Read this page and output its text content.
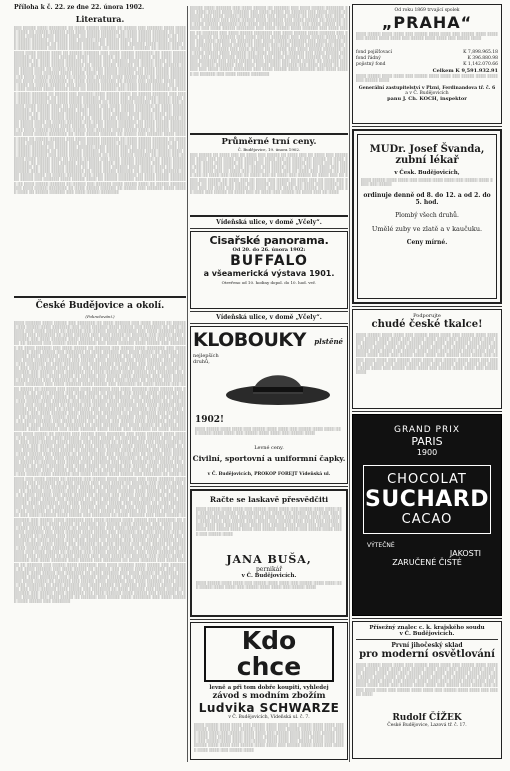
Příloha k č. 22. ze dne 22. února 1902.
Literatura.
░░░ ░░░░░ ░░░░ ░░░░░░░ ░░ ░░░░ ░░░░░ ░░░░░░ ░░ ░░░░░ ░░░ ░░░░░░ ░░░░ ░░░░░ ░░░░ ░░ ░░░░░ ░░░░░░ ░░░ ░░░░ ░░░░░ ░░░░░░░ ░░ ░░░░ ░░░░░ ░░░░░░ ░░ ░░░░░ ░░░ ░░░░░░ ░░░░ ░░░░░ ░░░░ ░░ ░░░░░ ░░░░░░ ░░░ ░░░░ ░░░░░ ░░░░░░░ ░░ ░░░░ ░░░░░ ░░░░░░ ░░ ░░░░░ ░░░ ░░░░░░ ░░░░ ░░░░░ ░░░░ ░░ ░░░░░ ░░░░░░ ░░░ ░░░░ ░░░░░ ░░░░░░░ ░░ ░░░░ ░░░░░ ░░░░░░ ░░ ░░░░░ ░░░ ░░░░░░ ░░░░ ░░░░░ ░░░░ ░░ ░░░░░ ░░░░░░ ░░░ ░░░░ ░░░░░ ░░░░░░░ ░░ ░░░░ ░░░░░ ░░░░░░ ░░ ░░░░░ ░░░ ░░░░░░ ░░░░ ░░░░░ ░░░░ ░░ ░░░░░ ░░░░░░ ░░░ ░░░░ ░░░░░ ░░░░░░░ ░░ ░░░░ ░░░░░ ░░░░░░ ░░ ░░░░░ ░░░ ░░░░░░ ░░░░ ░░░░░ ░░░░ ░░ ░░░░░ ░░░░░░ ░░░ ░░░░ ░░░░░ ░░░░░░░ ░░ ░░░░ ░░░░░ ░░░░░░ ░░ ░░░░░ ░░░ ░░░░░░ ░░░░ ░░░░░ ░░░░ ░░ ░░░░░ ░░░░░░ ░░░ ░░░░ ░░░░░ ░░░░░░░ ░░ ░░░░ ░░░░░ ░░░░░░ ░░ ░░░░░ ░░░ ░░░░░░ ░░░░ ░░░░░ ░░░░ ░░ ░░░░░ ░░░░░░ ░░░ ░░░░ ░░░░░ ░░░░░░░ ░░ ░░░░ ░░░░░ ░░░░░░ ░░ ░░░░░ ░░░ ░░░░░░ ░░░░ ░░░░░ ░░░░ ░░ ░░░░░ ░░░░░░ ░░░ ░░░░ ░░░░░ ░░░░░░░ ░░ ░░░░ ░░░░░ ░░░░░░ ░░ ░░░░░ ░░░ ░░░░░░ ░░░░ ░░░░░ ░░░░ ░░ ░░░░░ ░░░░░░ ░░░ ░░░░ ░░░░░ ░░░░░░░ ░░ ░░░░ ░░░░░ ░░░░░░ ░░ ░░░░░ ░░░ ░░░░░░ ░░░░ ░░░░░ ░░░░ ░░ ░░░░░ ░░░░░░ ░░░ ░░░░ ░░░░░ ░░░░░░░ ░░ ░░░░ ░░░░░ ░░░░░░ ░░ ░░░░░ ░░░ ░░░░░░ ░░░░ ░░░░░ ░░░░ ░░ ░░░░░ ░░░░░░ ░░░ ░░░░ ░░░░░ ░░░░░░░ ░░ ░░░░ ░░░░░ ░░░░░░ ░░ ░░░░░ ░░░ ░░░░░░ ░░░░ ░░░░░ ░░░░ ░░ ░░░░░ ░░░░░░ ░░░ ░░░░ ░░░░░ ░░░░░░░ ░░ ░░░░ ░░░░░ ░░░░░░ ░░ ░░░░░ ░░░ ░░░░░░ ░░░░ ░░░░░ ░░░░ ░░ ░░░░░ ░░░░░░ ░░░ ░░░░ ░░░░░ ░░░░░░░ ░░ ░░░░ ░░░░░ ░░░░░░ ░░ ░░░░░ ░░░ ░░░░░░ ░░░░ ░░░░░ ░░░░ ░░ ░░░░░ ░░░░░░ ░░░ ░░░░ ░░░░░ ░░░░░░░ ░░ ░░░░ ░░░░░ ░░░░░░ ░░ ░░░░░ ░░░ ░░░░░░ ░░░░ ░░░░░ ░░░░ ░░ ░░░░░ ░░░░░░ ░░░ ░░░░ ░░░░░ ░░░░░░░ ░░ ░░░░ ░░░░░ ░░░░░░ ░░ ░░░░░ ░░░ ░░░░░░ ░░░░ ░░░░░ ░░░░ ░░ ░░░░░ ░░░░░░ ░░░ ░░░░ ░░░░░ ░░░░░░░ ░░ ░░░░ ░░░░░ ░░░░░░ ░░ ░░░░░ ░░░ ░░░░░░ ░░░░ ░░░░░ ░░░░ ░░ ░░░░░ ░░░░░░ ░░░ ░░░░ ░░░░░ ░░░░░░░ ░░ ░░░░ ░░░░░ ░░░░░░ ░░ ░░░░░ ░░░ ░░░░░░ ░░░░ ░░░░░ ░░░░ ░░ ░░░░░ ░░░░░░ ░░░ ░░░░ ░░░░░ ░░░░░░░ ░░ ░░░░ ░░░░░ ░░░░░░ ░░ ░░░░░ ░░░ ░░░░░░ ░░░░ ░░░░░ ░░░░ ░░ ░░░░░ ░░░░░░ ░░░ ░░░░ ░░░░░ ░░░░░░░ ░░ ░░░░ ░░░░░ ░░░░░░ ░░ ░░░░░ ░░░ ░░░░░░ ░░░░ ░░░░░ ░░░░ ░░ ░░░░░ ░░░░░░ ░░░ ░░░░ ░░░░░ ░░░░░░░ ░░ ░░░░ ░░░░░ ░░░░░░ ░░ ░░░░░ ░░░ ░░░░░░ ░░░░ ░░░░░ ░░░░ ░░ ░░░░░ ░░░░░░ ░░░ ░░░░ ░░░░░ ░░░░░░░ ░░ ░░░░ ░░░░░ ░░░░░░ ░░ ░░░░░ ░░░ ░░░░░░ ░░░░ ░░░░░ ░░░░ ░░ ░░░░░ ░░░░░░ ░░░ ░░░░ ░░░░░ ░░░░░░░ ░░ ░░░░ ░░░░░ ░░░░░░ ░░ ░░░░░ ░░░ ░░░░░░ ░░░░ ░░░░░ ░░░░ ░░ ░░░░░ ░░░░░░ ░░░ ░░░░ ░░░░░ ░░░░░░░ ░░ ░░░░ ░░░░░ ░░░░░░ ░░ ░░░░░ ░░░ ░░░░░░ ░░░░ ░░░░░ ░░░░ ░░ ░░░░░ ░░░░░░ ░░░ ░░░░ ░░░░░ ░░░░░░░ ░░ ░░░░ ░░░░░ ░░░░░░ ░░ ░░░░░ ░░░ ░░░░░░ ░░░░ ░░░░░ ░░░░ ░░ ░░░░░ ░░░░░░ ░░░ ░░░░ ░░░░░ ░░░░░░░ ░░ ░░░░ ░░░░░ ░░░░░░ ░░ ░░░░░ ░░░ ░░░░░░ ░░░░ ░░░░░ ░░░░ ░░ ░░░░░ ░░░░░░ ░░░ ░░░░ ░░░░░ ░░░░░░░ ░░ ░░░░ ░░░░░ ░░░░░░ ░░ ░░░░░ ░░░ ░░░░░░ ░░░░ ░░░░░ ░░░░ ░░ ░░░░░ ░░░░░░ ░░░ ░░░░ ░░░░░ ░░░░░░░ ░░ ░░░░ ░░░░░ ░░░░░░ ░░ ░░░░░ ░░░ ░░░░░░ ░░░░ ░░░░░ ░░░░ ░░ ░░░░░ ░░░░░░ ░░░ ░░░░ ░░░░░ ░░░░░░░ ░░ ░░░░ ░░░░░ ░░░░░░ ░░ ░░░░░ ░░░ ░░░░░░ ░░░░ ░░░░░ ░░░░ ░░ ░░░░░ ░░░░░░ ░░░ ░░░░ ░░░░░ ░░░░░░░ ░░ ░░░░ ░░░░░ ░░░░░░ ░░ ░░░░░ ░░░ ░░░░░░ ░░░░ ░░░░░ ░░░░ ░░ ░░░░░ ░░░░░░ ░░░ ░░░░ ░░░░░ ░░░░░░░
České Budějovice a okolí.
(Pokračování.)
░░░░ ░░░░░░ ░░░░ ░░░░░ ░░░ ░░░░░░░ ░░ ░░░░ ░░░░░░ ░░░ ░░░░ ░░░░░ ░░ ░░░░░░ ░░░ ░░░░░ ░░░░ ░░░░░░░ ░░░ ░░░░ ░░░░░░ ░░░░ ░░░░░ ░░░ ░░░░░░░ ░░ ░░░░ ░░░░░░ ░░░ ░░░░ ░░░░░ ░░ ░░░░░░ ░░░ ░░░░░ ░░░░ ░░░░░░░ ░░░ ░░░░ ░░░░░░ ░░░░ ░░░░░ ░░░ ░░░░░░░ ░░ ░░░░ ░░░░░░ ░░░ ░░░░ ░░░░░ ░░ ░░░░░░ ░░░ ░░░░░ ░░░░ ░░░░░░░ ░░░ ░░░░ ░░░░░░ ░░░░ ░░░░░ ░░░ ░░░░░░░ ░░ ░░░░ ░░░░░░ ░░░ ░░░░ ░░░░░ ░░ ░░░░░░ ░░░ ░░░░░ ░░░░ ░░░░░░░ ░░░ ░░░░ ░░░░░░ ░░░░ ░░░░░ ░░░ ░░░░░░░ ░░ ░░░░ ░░░░░░ ░░░ ░░░░ ░░░░░ ░░ ░░░░░░ ░░░ ░░░░░ ░░░░ ░░░░░░░ ░░░ ░░░░ ░░░░░░ ░░░░ ░░░░░ ░░░ ░░░░░░░ ░░ ░░░░ ░░░░░░ ░░░ ░░░░ ░░░░░ ░░ ░░░░░░ ░░░ ░░░░░ ░░░░ ░░░░░░░ ░░░ ░░░░ ░░░░░░ ░░░░ ░░░░░ ░░░ ░░░░░░░ ░░ ░░░░ ░░░░░░ ░░░ ░░░░ ░░░░░ ░░ ░░░░░░ ░░░ ░░░░░ ░░░░ ░░░░░░░ ░░░ ░░░░ ░░░░░░ ░░░░ ░░░░░ ░░░ ░░░░░░░ ░░ ░░░░ ░░░░░░ ░░░ ░░░░ ░░░░░ ░░ ░░░░░░ ░░░ ░░░░░ ░░░░ ░░░░░░░ ░░░ ░░░░ ░░░░░░ ░░░░ ░░░░░ ░░░ ░░░░░░░ ░░ ░░░░ ░░░░░░ ░░░ ░░░░ ░░░░░ ░░ ░░░░░░ ░░░ ░░░░░ ░░░░ ░░░░░░░ ░░░ ░░░░ ░░░░░░ ░░░░ ░░░░░ ░░░ ░░░░░░░ ░░ ░░░░ ░░░░░░ ░░░ ░░░░ ░░░░░ ░░ ░░░░░░ ░░░ ░░░░░ ░░░░ ░░░░░░░ ░░░ ░░░░ ░░░░░░ ░░░░ ░░░░░ ░░░ ░░░░░░░ ░░ ░░░░ ░░░░░░ ░░░ ░░░░ ░░░░░ ░░ ░░░░░░ ░░░ ░░░░░ ░░░░ ░░░░░░░ ░░░ ░░░░ ░░░░░░ ░░░░ ░░░░░ ░░░ ░░░░░░░ ░░ ░░░░ ░░░░░░ ░░░ ░░░░ ░░░░░ ░░ ░░░░░░ ░░░ ░░░░░ ░░░░ ░░░░░░░ ░░░ ░░░░ ░░░░░░ ░░░░ ░░░░░ ░░░ ░░░░░░░ ░░ ░░░░ ░░░░░░ ░░░ ░░░░ ░░░░░ ░░ ░░░░░░ ░░░ ░░░░░ ░░░░ ░░░░░░░ ░░░ ░░░░ ░░░░░░ ░░░░ ░░░░░ ░░░ ░░░░░░░ ░░ ░░░░ ░░░░░░ ░░░ ░░░░ ░░░░░ ░░ ░░░░░░ ░░░ ░░░░░ ░░░░ ░░░░░░░ ░░░ ░░░░ ░░░░░░ ░░░░ ░░░░░ ░░░ ░░░░░░░ ░░ ░░░░ ░░░░░░ ░░░ ░░░░ ░░░░░ ░░ ░░░░░░ ░░░ ░░░░░ ░░░░ ░░░░░░░ ░░░ ░░░░ ░░░░░░ ░░░░ ░░░░░ ░░░ ░░░░░░░ ░░ ░░░░ ░░░░░░ ░░░ ░░░░ ░░░░░ ░░ ░░░░░░ ░░░ ░░░░░ ░░░░ ░░░░░░░ ░░░ ░░░░ ░░░░░░ ░░░░ ░░░░░ ░░░ ░░░░░░░ ░░ ░░░░ ░░░░░░ ░░░ ░░░░ ░░░░░ ░░ ░░░░░░ ░░░ ░░░░░ ░░░░ ░░░░░░░ ░░░ ░░░░ ░░░░░░ ░░░░ ░░░░░ ░░░ ░░░░░░░ ░░ ░░░░ ░░░░░░ ░░░ ░░░░ ░░░░░ ░░ ░░░░░░ ░░░ ░░░░░ ░░░░ ░░░░░░░ ░░░ ░░░░ ░░░░░░ ░░░░ ░░░░░ ░░░ ░░░░░░░ ░░ ░░░░ ░░░░░░ ░░░ ░░░░ ░░░░░ ░░ ░░░░░░ ░░░ ░░░░░ ░░░░ ░░░░░░░ ░░░ ░░░░ ░░░░░░ ░░░░ ░░░░░ ░░░ ░░░░░░░ ░░ ░░░░ ░░░░░░ ░░░ ░░░░ ░░░░░ ░░ ░░░░░░ ░░░ ░░░░░ ░░░░ ░░░░░░░ ░░░ ░░░░ ░░░░░░ ░░░░ ░░░░░ ░░░ ░░░░░░░ ░░ ░░░░ ░░░░░░ ░░░ ░░░░ ░░░░░ ░░ ░░░░░░ ░░░ ░░░░░ ░░░░ ░░░░░░░ ░░░ ░░░░ ░░░░░░ ░░░░ ░░░░░ ░░░ ░░░░░░░ ░░ ░░░░ ░░░░░░ ░░░ ░░░░ ░░░░░ ░░ ░░░░░░ ░░░ ░░░░░ ░░░░ ░░░░░░░ ░░░ ░░░░ ░░░░░░ ░░░░ ░░░░░ ░░░ ░░░░░░░ ░░ ░░░░ ░░░░░░ ░░░ ░░░░ ░░░░░ ░░ ░░░░░░ ░░░ ░░░░░ ░░░░ ░░░░░░░ ░░░ ░░░░ ░░░░░░ ░░░░ ░░░░░ ░░░ ░░░░░░░ ░░ ░░░░ ░░░░░░ ░░░ ░░░░ ░░░░░ ░░ ░░░░░░ ░░░ ░░░░░ ░░░░ ░░░░░░░ ░░░ ░░░░ ░░░░░░ ░░░░ ░░░░░ ░░░ ░░░░░░░ ░░ ░░░░ ░░░░░░ ░░░ ░░░░ ░░░░░ ░░ ░░░░░░ ░░░ ░░░░░ ░░░░ ░░░░░░░ ░░░ ░░░░ ░░░░░░ ░░░░ ░░░░░ ░░░ ░░░░░░░ ░░ ░░░░ ░░░░░░ ░░░ ░░░░ ░░░░░ ░░ ░░░░░░ ░░░ ░░░░░ ░░░░ ░░░░░░░ ░░░ ░░░░ ░░░░░░ ░░░░ ░░░░░ ░░░ ░░░░░░░ ░░ ░░░░ ░░░░░░ ░░░ ░░░░ ░░░░░ ░░ ░░░░░░ ░░░ ░░░░░ ░░░░ ░░░░░░░ ░░░ ░░░░ ░░░░░░ ░░░░ ░░░░░ ░░░ ░░░░░░░ ░░ ░░░░ ░░░░░░ ░░░ ░░░░ ░░░░░ ░░ ░░░░░░ ░░░ ░░░░░ ░░░░ ░░░░░░░ ░░░ ░░░░ ░░░░░░ ░░░░ ░░░░░ ░░░ ░░░░░░░ ░░ ░░░░ ░░░░░░ ░░░ ░░░░ ░░░░░ ░░ ░░░░░░ ░░░ ░░░░░ ░░░░ ░░░░░░░ ░░░ ░░░░ ░░░░░░ ░░░░ ░░░░░ ░░░ ░░░░░░░ ░░ ░░░░ ░░░░░░ ░░░ ░░░░ ░░░░░ ░░ ░░░░░░ ░░░ ░░░░░ ░░░░ ░░░░░░░ ░░░ ░░░░ ░░░░░░ ░░░░ ░░░░░ ░░░ ░░░░░░░ ░░ ░░░░ ░░░░░░ ░░░ ░░░░ ░░░░░ ░░ ░░░░░░ ░░░ ░░░░░ ░░░░ ░░░░░░░ ░░░ ░░░░ ░░░░░░ ░░░░ ░░░░░ ░░░ ░░░░░░░ ░░ ░░░░ ░░░░░░ ░░░ ░░░░ ░░░░░ ░░ ░░░░░░ ░░░ ░░░░░ ░░░░ ░░░░░░░ ░░░ ░░░░ ░░░░░░ ░░░░ ░░░░░ ░░░ ░░░░░░░ ░░ ░░░░ ░░░░░░ ░░░ ░░░░ ░░░░░ ░░ ░░░░░░ ░░░ ░░░░░ ░░░░ ░░░░░░░ ░░░ ░░░░ ░░░░░░ ░░░░ ░░░░░ ░░░ ░░░░░░░ ░░ ░░░░ ░░░░░░ ░░░ ░░░░ ░░░░░ ░░ ░░░░░░ ░░░ ░░░░░ ░░░░ ░░░░░░░ ░░░ ░░░░ ░░░░░░ ░░░░ ░░░░░ ░░░ ░░░░░░░ ░░ ░░░░ ░░░░░░ ░░░ ░░░░ ░░░░░ ░░ ░░░░░░ ░░░ ░░░░░ ░░░░ ░░░░░░░ ░░░ ░░░░ ░░░░░░ ░░░░ ░░░░░ ░░░ ░░░░░░░ ░░ ░░░░ ░░░░░░ ░░░ ░░░░ ░░░░░ ░░ ░░░░░░ ░░░ ░░░░░ ░░░░ ░░░░░░░ ░░░ ░░░░ ░░░░░░ ░░░░ ░░░░░ ░░░ ░░░░░░░ ░░ ░░░░ ░░░░░░ ░░░ ░░░░ ░░░░░ ░░ ░░░░░░ ░░░ ░░░░░ ░░░░ ░░░░░░░ ░░░ ░░░░ ░░░░░░ ░░░░ ░░░░░ ░░░ ░░░░░░░ ░░ ░░░░ ░░░░░░ ░░░ ░░░░ ░░░░░ ░░ ░░░░░░ ░░░ ░░░░░ ░░░░ ░░░░░░░ ░░░ ░░░░ ░░░░░░ ░░░░ ░░░░░ ░░░ ░░░░░░░ ░░ ░░░░ ░░░░░░ ░░░ ░░░░ ░░░░░ ░░ ░░░░░░ ░░░ ░░░░░ ░░░░ ░░░░░░░ ░░░ ░░░░ ░░░░░░ ░░░░ ░░░░░ ░░░ ░░░░░░░ ░░ ░░░░ ░░░░░░ ░░░ ░░░░ ░░░░░ ░░ ░░░░░░ ░░░ ░░░░░ ░░░░ ░░░░░░░ ░░░ ░░░░ ░░░░░░ ░░░░ ░░░░░ ░░░ ░░░░░░░ ░░ ░░░░ ░░░░░░ ░░░ ░░░░ ░░░░░ ░░ ░░░░░░ ░░░ ░░░░░ ░░░░ ░░░░░░░ ░░░ ░░░░ ░░░░░░ ░░░░ ░░░░░ ░░░ ░░░░░░░ ░░ ░░░░ ░░░░░░ ░░░ ░░░░ ░░░░░ ░░ ░░░░░░ ░░░ ░░░░░ ░░░░ ░░░░░░░ ░░░ ░░░░ ░░░░░░ ░░░░ ░░░░░ ░░░ ░░░░░░░ ░░ ░░░░ ░░░░░░ ░░░ ░░░░ ░░░░░ ░░ ░░░░░░ ░░░ ░░░░░ ░░░░ ░░░░░░░ ░░░ ░░░░ ░░░░░░ ░░░░ ░░░░░ ░░░ ░░░░░░░ ░░ ░░░░ ░░░░░░ ░░░ ░░░░ ░░░░░ ░░ ░░░░░░ ░░░ ░░░░░ ░░░░ ░░░░░░░ ░░░ ░░░░ ░░░░░░ ░░░░ ░░░░░ ░░░ ░░░░░░░ ░░ ░░░░ ░░░░░░ ░░░ ░░░░ ░░░░░ ░░ ░░░░░░ ░░░ ░░░░░ ░░░░ ░░░░░░░ ░░░ ░░░░ ░░░░░░ ░░░░ ░░░░░ ░░░ ░░░░░░░ ░░ ░░░░ ░░░░░░ ░░░ ░░░░ ░░░░░ ░░ ░░░░░░ ░░░ ░░░░░ ░░░░ ░░░░░░░ ░░░ ░░░░ ░░░░░░ ░░░░ ░░░░░ ░░░ ░░░░░░░ ░░ ░░░░ ░░░░░░ ░░░ ░░░░ ░░░░░ ░░ ░░░░░░ ░░░ ░░░░░ ░░░░ ░░░░░░░ ░░░ ░░░░ ░░░░░░ ░░░░ ░░░░░ ░░░ ░░░░░░░ ░░ ░░░░ ░░░░░░ ░░░ ░░░░ ░░░░░ ░░ ░░░░░░ ░░░ ░░░░░ ░░░░ ░░░░░░░ ░░░ ░░░░ ░░░░░░ ░░░░ ░░░░░ ░░░ ░░░░░░░ ░░ ░░░░ ░░░░░░ ░░░ ░░░░ ░░░░░ ░░ ░░░░░░ ░░░ ░░░░░ ░░░░ ░░░░░░░ ░░░ ░░░░ ░░░░░░ ░░░░ ░░░░░ ░░░ ░░░░░░░
░░░░░ ░░░░ ░░░░░░ ░░░ ░░░░ ░░░░░ ░░ ░░░░░░ ░░░ ░░░░ ░░░░░ ░░░░░░░ ░░░ ░░░░ ░░░░░ ░░░░ ░░░░░░ ░░░ ░░░░ ░░░░░ ░░ ░░░░░░ ░░░ ░░░░ ░░░░░ ░░░░░░░ ░░░ ░░░░ ░░░░░ ░░░░ ░░░░░░ ░░░ ░░░░ ░░░░░ ░░ ░░░░░░ ░░░ ░░░░ ░░░░░ ░░░░░░░ ░░░ ░░░░ ░░░░░ ░░░░ ░░░░░░ ░░░ ░░░░ ░░░░░ ░░ ░░░░░░ ░░░ ░░░░ ░░░░░ ░░░░░░░ ░░░ ░░░░ ░░░░░ ░░░░ ░░░░░░ ░░░ ░░░░ ░░░░░ ░░ ░░░░░░ ░░░ ░░░░ ░░░░░ ░░░░░░░ ░░░ ░░░░ ░░░░░ ░░░░ ░░░░░░ ░░░ ░░░░ ░░░░░ ░░ ░░░░░░ ░░░ ░░░░ ░░░░░ ░░░░░░░ ░░░ ░░░░ ░░░░░ ░░░░ ░░░░░░ ░░░ ░░░░ ░░░░░ ░░ ░░░░░░ ░░░ ░░░░ ░░░░░ ░░░░░░░ ░░░ ░░░░ ░░░░░ ░░░░ ░░░░░░ ░░░ ░░░░ ░░░░░ ░░ ░░░░░░ ░░░ ░░░░ ░░░░░ ░░░░░░░ ░░░ ░░░░ ░░░░░ ░░░░ ░░░░░░ ░░░ ░░░░ ░░░░░ ░░ ░░░░░░ ░░░ ░░░░ ░░░░░ ░░░░░░░ ░░░ ░░░░ ░░░░░ ░░░░ ░░░░░░ ░░░ ░░░░ ░░░░░ ░░ ░░░░░░ ░░░ ░░░░ ░░░░░ ░░░░░░░ ░░░ ░░░░ ░░░░░ ░░░░ ░░░░░░ ░░░ ░░░░ ░░░░░ ░░ ░░░░░░ ░░░ ░░░░ ░░░░░ ░░░░░░░ ░░░ ░░░░ ░░░░░ ░░░░ ░░░░░░ ░░░ ░░░░ ░░░░░ ░░ ░░░░░░ ░░░ ░░░░ ░░░░░ ░░░░░░░ ░░░ ░░░░ ░░░░░ ░░░░ ░░░░░░ ░░░ ░░░░ ░░░░░ ░░ ░░░░░░ ░░░ ░░░░ ░░░░░ ░░░░░░░ ░░░ ░░░░ ░░░░░ ░░░░ ░░░░░░ ░░░ ░░░░ ░░░░░ ░░ ░░░░░░ ░░░ ░░░░ ░░░░░ ░░░░░░░ ░░░ ░░░░ ░░░░░ ░░░░ ░░░░░░ ░░░ ░░░░ ░░░░░ ░░ ░░░░░░ ░░░ ░░░░ ░░░░░ ░░░░░░░
Průměrné trní ceny.
Č. Budějovice, 19. února 1902.
░░░ ░░░░░ ░░ ░░░░ ░░░ ░░ ░░░░ ░░░ ░░░░░ ░░ ░░░░ ░░░ ░░ ░░░░ ░░░ ░░░░░ ░░ ░░░░ ░░░ ░░ ░░░░ ░░░ ░░░░░ ░░ ░░░░ ░░░ ░░ ░░░░ ░░░ ░░░░░ ░░ ░░░░ ░░░ ░░ ░░░░ ░░░ ░░░░░ ░░ ░░░░ ░░░ ░░ ░░░░ ░░░ ░░░░░ ░░ ░░░░ ░░░ ░░ ░░░░ ░░░ ░░░░░ ░░ ░░░░ ░░░ ░░ ░░░░ ░░░ ░░░░░ ░░ ░░░░ ░░░ ░░ ░░░░ ░░░ ░░░░░ ░░ ░░░░ ░░░ ░░ ░░░░ ░░░ ░░░░░ ░░ ░░░░ ░░░ ░░ ░░░░ ░░░ ░░░░░ ░░ ░░░░ ░░░ ░░ ░░░░ ░░░ ░░░░░ ░░ ░░░░ ░░░ ░░ ░░░░ ░░░ ░░░░░ ░░ ░░░░ ░░░ ░░ ░░░░ ░░░ ░░░░░ ░░ ░░░░ ░░░ ░░ ░░░░ ░░░ ░░░░░ ░░ ░░░░ ░░░ ░░ ░░░░ ░░░ ░░░░░ ░░ ░░░░ ░░░ ░░ ░░░░ ░░░ ░░░░░ ░░ ░░░░ ░░░ ░░ ░░░░ ░░░ ░░░░░ ░░ ░░░░ ░░░ ░░ ░░░░ ░░░ ░░░░░ ░░ ░░░░ ░░░ ░░ ░░░░ ░░░ ░░░░░ ░░ ░░░░ ░░░ ░░ ░░░░ ░░░ ░░░░░ ░░ ░░░░ ░░░ ░░ ░░░░ ░░░ ░░░░░ ░░ ░░░░ ░░░ ░░ ░░░░
Vídeňská ulice, v domě „Včely“.
Cisařské panorama.
Od 20. do 26. února 1902:
BUFFALO
a všeamerická výstava 1901.
Otevřeno od 10. hodiny dopol. do 10. hod. več.
Vídeňská ulice, v domě „Včely“.
KLOBOUKY plstěné
nejlepších
druhů,
1902!
░░░░ ░░░░░ ░░░░ ░░░░ ░░░ ░░░░░ ░░░░ ░░░░ ░░░ ░░░░░ ░░░░ ░░░░ ░░░ ░░░░░ ░░░░ ░░░░ ░░░ ░░░░░ ░░░░ ░░░░ ░░░ ░░░░░ ░░░░
Levné ceny.
Civilní, sportovní a uniformní čapky.
v Č. Budějovicích, PROKOP FOREJT Vídeňská ul.
Račte se laskavě přesvědčiti
░░░░ ░░░░░ ░░░░ ░░░░ ░░░ ░░░░░ ░░░░ ░░░░ ░░░ ░░░░░ ░░░░ ░░░░ ░░░ ░░░░░ ░░░░ ░░░░ ░░░ ░░░░░ ░░░░ ░░░░ ░░░ ░░░░░ ░░░░ ░░░░ ░░░ ░░░░░ ░░░░ ░░░░ ░░░ ░░░░░ ░░░░ ░░░░ ░░░ ░░░░░ ░░░░ ░░░░ ░░░ ░░░░░ ░░░░ ░░░░ ░░░ ░░░░░ ░░░░ ░░░░ ░░░ ░░░░░ ░░░░ ░░░░ ░░░ ░░░░░ ░░░░ ░░░░ ░░░ ░░░░░ ░░░░ ░░░░ ░░░ ░░░░░ ░░░░ ░░░░ ░░░ ░░░░░ ░░░░ ░░░░ ░░░ ░░░░░ ░░░░ ░░░░ ░░░ ░░░░░ ░░░░ ░░░░ ░░░ ░░░░░ ░░░░ ░░░░ ░░░ ░░░░░ ░░░░
JANA BUŠA,
pernikář
v Č. Budějovicích.
░░░░ ░░░░░ ░░░░ ░░░░ ░░░ ░░░░░ ░░░░ ░░░░ ░░░ ░░░░░ ░░░░ ░░░░ ░░░ ░░░░░ ░░░░ ░░░░ ░░░ ░░░░░ ░░░░ ░░░░ ░░░ ░░░░░ ░░░░
Kdo chce
levně a při tom dobře koupiti, vyhledej
závod s modním zbožím
Ludvika SCHWARZE
v Č. Budějovicích, Vídeňská ul. č. 7.
░░░░ ░░░░░ ░░░░ ░░░░ ░░░ ░░░░░ ░░░░ ░░░░ ░░░ ░░░░░ ░░░░ ░░░░ ░░░ ░░░░░ ░░░░ ░░░░ ░░░ ░░░░░ ░░░░ ░░░░ ░░░ ░░░░░ ░░░░ ░░░░ ░░░ ░░░░░ ░░░░ ░░░░ ░░░ ░░░░░ ░░░░ ░░░░ ░░░ ░░░░░ ░░░░ ░░░░ ░░░ ░░░░░ ░░░░ ░░░░ ░░░ ░░░░░ ░░░░ ░░░░ ░░░ ░░░░░ ░░░░ ░░░░ ░░░ ░░░░░ ░░░░ ░░░░ ░░░ ░░░░░ ░░░░ ░░░░ ░░░ ░░░░░ ░░░░ ░░░░ ░░░ ░░░░░ ░░░░ ░░░░ ░░░ ░░░░░ ░░░░ ░░░░ ░░░ ░░░░░ ░░░░ ░░░░ ░░░ ░░░░░ ░░░░ ░░░░ ░░░ ░░░░░ ░░░░ ░░░░ ░░░ ░░░░░ ░░░░
Od roku 1869 trvající spolek
„PRAHA“
░░░░ ░░░░░ ░░░░ ░░░░ ░░░ ░░░░░ ░░░░ ░░░░ ░░░ ░░░░░ ░░░░ ░░░░ ░░░ ░░░░░ ░░░░ ░░░░ ░░░ ░░░░░ ░░░░ ░░░░ ░░░ ░░░░░ ░░░░
fond pojišťovací	K 7,898.965.18
fond řádný	K 396.880.98
pojistný fond	K 1,142.070.66
Celkem K 9,591.932.91
░░░░ ░░░░░ ░░░░ ░░░░ ░░░ ░░░░░ ░░░░ ░░░░ ░░░ ░░░░░ ░░░░ ░░░░ ░░░ ░░░░░ ░░░░
Generální zastupitelství v Plzni, Ferdinandova tř. č. 6
a v Č. Budějovicích
panu J. Ch. KOCH, inspektor
MUDr. Josef Švanda,
zubní lékař
v Česk. Budějovicích,
░░░░ ░░░░░ ░░░░ ░░░░ ░░░ ░░░░░ ░░░░ ░░░░ ░░░ ░░░░░ ░░░░ ░░░░ ░░░ ░░░░░
ordinuje denně od 8. do 12. a od 2. do 5. hod.
Plombý všech druhů.
Umělé zuby ve zlatě a v kaučuku.
Ceny mírné.
Podporujte
chudé české tkalce!
░░░░ ░░░░░ ░░░░ ░░░░ ░░░ ░░░░░ ░░░░ ░░░░ ░░░ ░░░░░ ░░░░ ░░░░ ░░░ ░░░░░ ░░░░ ░░░░ ░░░ ░░░░░ ░░░░ ░░░░ ░░░ ░░░░░ ░░░░ ░░░░ ░░░ ░░░░░ ░░░░ ░░░░ ░░░ ░░░░░ ░░░░ ░░░░ ░░░ ░░░░░ ░░░░ ░░░░ ░░░ ░░░░░ ░░░░ ░░░░ ░░░ ░░░░░ ░░░░ ░░░░ ░░░ ░░░░░ ░░░░ ░░░░ ░░░ ░░░░░ ░░░░ ░░░░ ░░░ ░░░░░ ░░░░ ░░░░ ░░░ ░░░░░ ░░░░ ░░░░ ░░░ ░░░░░ ░░░░ ░░░░ ░░░ ░░░░░ ░░░░ ░░░░ ░░░ ░░░░░ ░░░░ ░░░░ ░░░ ░░░░░ ░░░░ ░░░░ ░░░ ░░░░░ ░░░░ ░░░░ ░░░ ░░░░░ ░░░░ ░░░░ ░░░ ░░░░░ ░░░░ ░░░░ ░░░ ░░░░░ ░░░░ ░░░░ ░░░ ░░░░░ ░░░░ ░░░░ ░░░ ░░░░░ ░░░░ ░░░░ ░░░ ░░░░░ ░░░░ ░░░░ ░░░ ░░░░░ ░░░░ ░░░░ ░░░ ░░░░░ ░░░░
GRAND PRIX
PARIS
1900
CHOCOLAT
SUCHARD
CACAO
VÝTEČNÉ
JAKOSTI
ZARUČENÉ ČISTÉ
Přísežný znalec c. k. krajského soudu
v Č. Budějovicích.
První jihočeský sklad
pro moderní osvětlování
░░░░ ░░░░░ ░░░░ ░░░░ ░░░ ░░░░░ ░░░░ ░░░░ ░░░ ░░░░░ ░░░░ ░░░░ ░░░ ░░░░░ ░░░░ ░░░░ ░░░ ░░░░░ ░░░░ ░░░░ ░░░ ░░░░░ ░░░░ ░░░░ ░░░ ░░░░░ ░░░░ ░░░░ ░░░ ░░░░░ ░░░░ ░░░░ ░░░ ░░░░░ ░░░░ ░░░░ ░░░ ░░░░░ ░░░░ ░░░░ ░░░ ░░░░░ ░░░░ ░░░░ ░░░ ░░░░░ ░░░░ ░░░░ ░░░ ░░░░░ ░░░░ ░░░░ ░░░ ░░░░░ ░░░░ ░░░░ ░░░ ░░░░░ ░░░░ ░░░░ ░░░ ░░░░░ ░░░░ ░░░░ ░░░ ░░░░░ ░░░░ ░░░░ ░░░ ░░░░░ ░░░░ ░░░░ ░░░ ░░░░░ ░░░░ ░░░░ ░░░ ░░░░░ ░░░░ ░░░░ ░░░ ░░░░░ ░░░░ ░░░░ ░░░ ░░░░░ ░░░░
Rudolf ČÍŽEK
České Budějovice, Lazová tř. č. 17.
